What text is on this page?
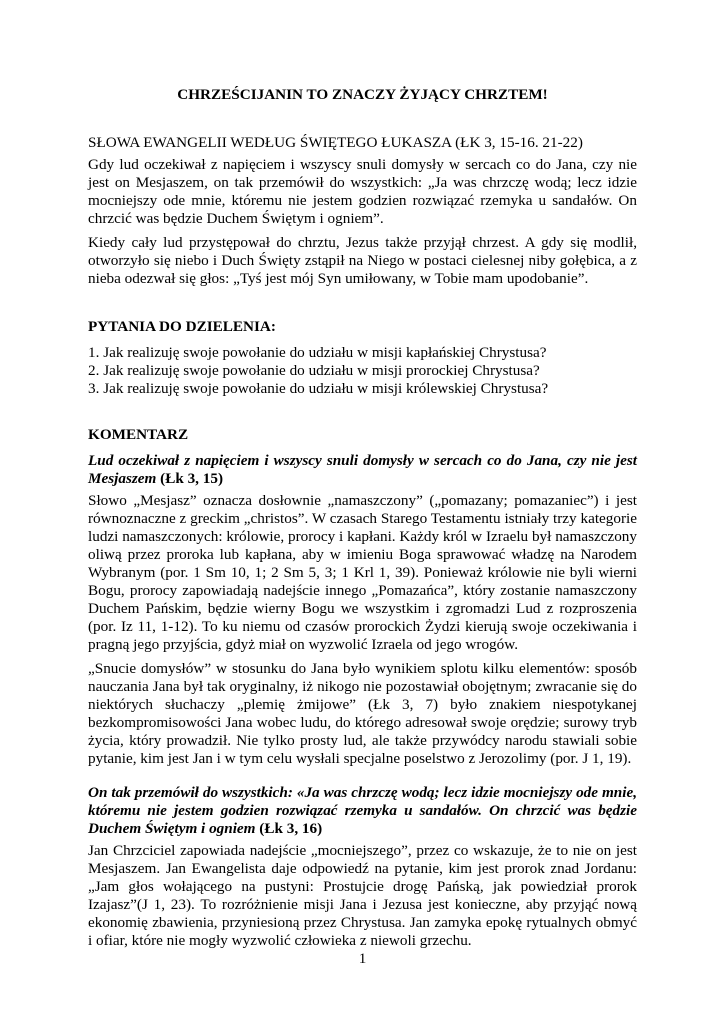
CHRZEŚCIJANIN TO ZNACZY ŻYJĄCY CHRZTEM!
SŁOWA EWANGELII WEDŁUG ŚWIĘTEGO ŁUKASZA (ŁK 3, 15-16. 21-22)

Gdy lud oczekiwał z napięciem i wszyscy snuli domysły w sercach co do Jana, czy nie jest on Mesjaszem, on tak przemówił do wszystkich: „Ja was chrzczę wodą; lecz idzie mocniejszy ode mnie, któremu nie jestem godzien rozwiązać rzemyka u sandałów. On chrzcić was będzie Duchem Świętym i ogniem”.

Kiedy cały lud przystępował do chrztu, Jezus także przyjął chrzest. A gdy się modlił, otworzyło się niebo i Duch Święty zstąpił na Niego w postaci cielesnej niby gołębica, a z nieba odezwał się głos: „Tyś jest mój Syn umiłowany, w Tobie mam upodobanie”.

PYTANIA DO DZIELENIA:
1. Jak realizuję swoje powołanie do udziału w misji kapłańskiej Chrystusa?
2. Jak realizuję swoje powołanie do udziału w misji prorockiej Chrystusa?
3. Jak realizuję swoje powołanie do udziału w misji królewskiej Chrystusa?
KOMENTARZ
Lud oczekiwał z napięciem i wszyscy snuli domysły w sercach co do Jana, czy nie jest Mesjaszem (Łk 3, 15)

Słowo „Mesjasz” oznacza dosłownie „namaszczony” („pomazany; pomazaniec”) i jest równoznaczne z greckim „christos”. W czasach Starego Testamentu istniały trzy kategorie ludzi namaszczonych: królowie, prorocy i kapłani. Każdy król w Izraelu był namaszczony oliwą przez proroka lub kapłana, aby w imieniu Boga sprawować władzę na Narodem Wybranym (por. 1 Sm 10, 1; 2 Sm 5, 3; 1 Krl 1, 39). Ponieważ królowie nie byli wierni Bogu, prorocy zapowiadają nadejście innego „Pomazańca”, który zostanie namaszczony Duchem Pańskim, będzie wierny Bogu we wszystkim i zgromadzi Lud z rozproszenia (por. Iz 11, 1-12). To ku niemu od czasów prorockich Żydzi kierują swoje oczekiwania i pragną jego przyjścia, gdyż miał on wyzwolić Izraela od jego wrogów.

„Snucie domysłów” w stosunku do Jana było wynikiem splotu kilku elementów: sposób nauczania Jana był tak oryginalny, iż nikogo nie pozostawiał obojętnym; zwracanie się do niektórych słuchaczy „plemię żmijowe” (Łk 3, 7) było znakiem niespotykanej bezkompromisowości Jana wobec ludu, do którego adresował swoje orędzie; surowy tryb życia, który prowadził. Nie tylko prosty lud, ale także przywódcy narodu stawiali sobie pytanie, kim jest Jan i w tym celu wysłali specjalne poselstwo z Jerozolimy (por. J 1, 19).

On tak przemówił do wszystkich: «Ja was chrzczę wodą; lecz idzie mocniejszy ode mnie, któremu nie jestem godzien rozwiązać rzemyka u sandałów. On chrzcić was będzie Duchem Świętym i ogniem (Łk 3, 16)

Jan Chrzciciel zapowiada nadejście „mocniejszego”, przez co wskazuje, że to nie on jest Mesjaszem. Jan Ewangelista daje odpowiedź na pytanie, kim jest prorok znad Jordanu: „Jam głos wołającego na pustyni: Prostujcie drogę Pańską, jak powiedział prorok Izajasz”(J 1, 23). To rozróżnienie misji Jana i Jezusa jest konieczne, aby przyjąć nową ekonomię zbawienia, przyniesioną przez Chrystusa. Jan zamyka epokę rytualnych obmyć i ofiar, które nie mogły wyzwolić człowieka z niewoli grzechu.

1
